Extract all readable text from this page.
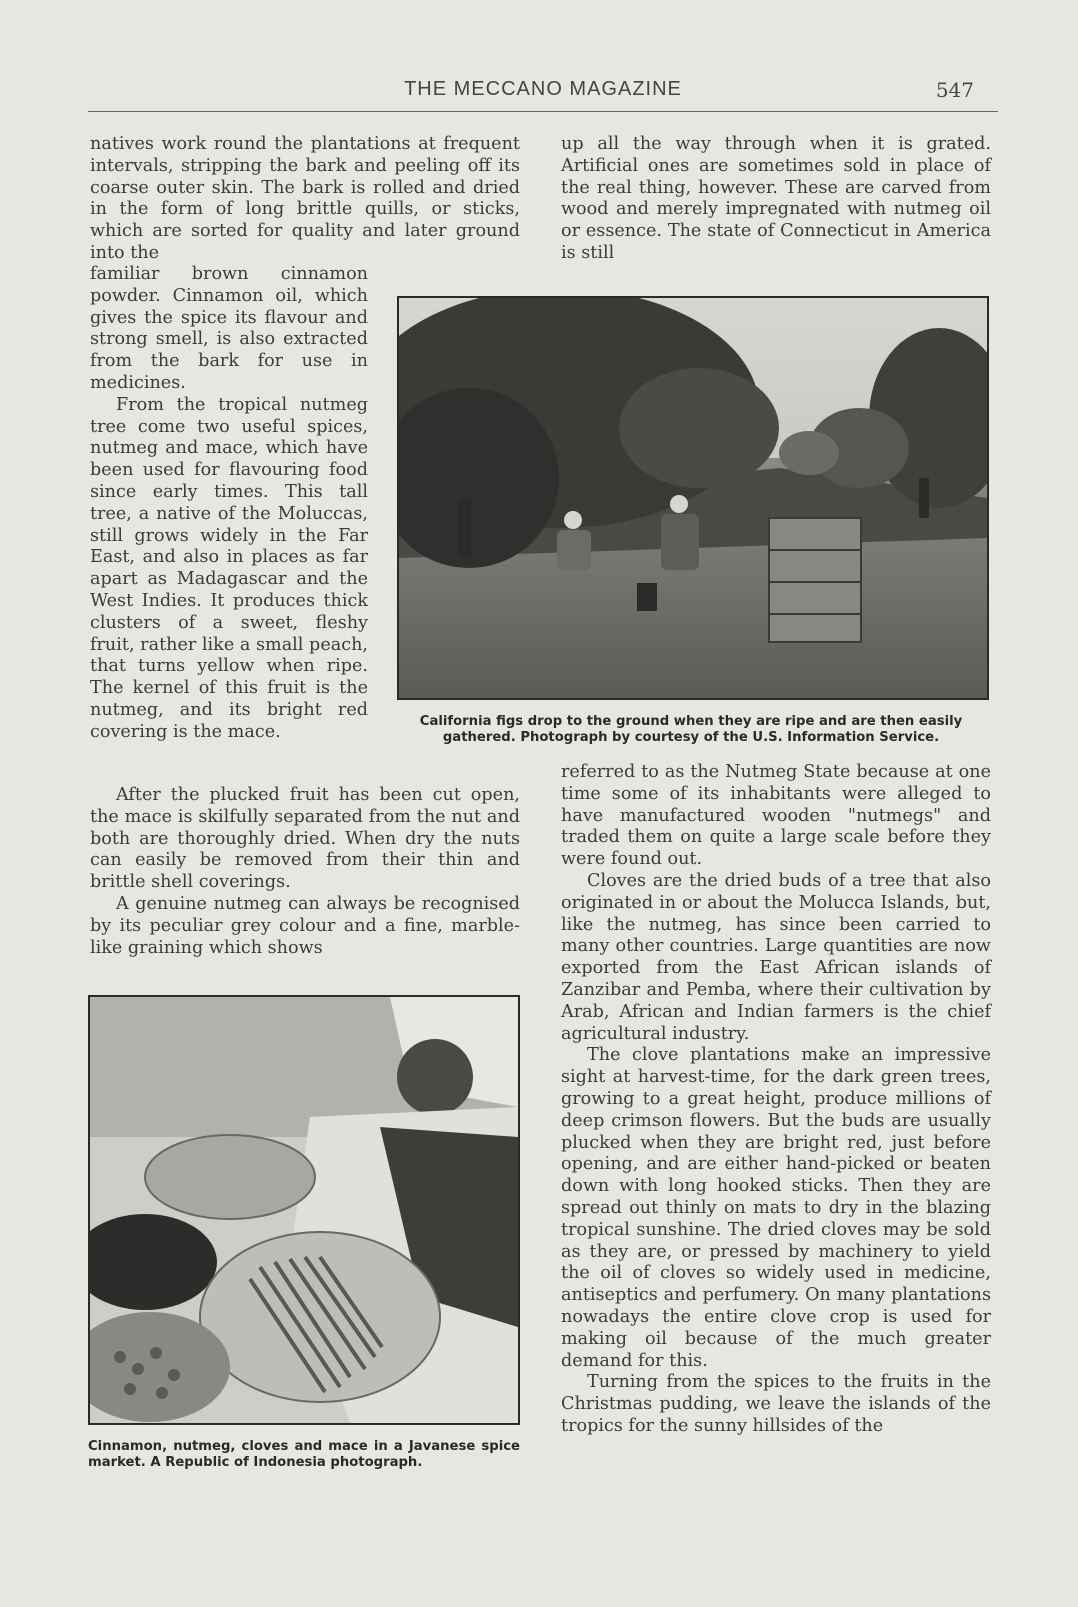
THE MECCANO MAGAZINE	547

natives work round the plantations at frequent intervals, stripping the bark and peeling off its coarse outer skin. The bark is rolled and dried in the form of long brittle quills, or sticks, which are sorted for quality and later ground into the

familiar brown cinnamon powder. Cinnamon oil, which gives the spice its flavour and strong smell, is also extracted from the bark for use in medicines.

From the tropical nutmeg tree come two useful spices, nutmeg and mace, which have been used for flavouring food since early times. This tall tree, a native of the Moluccas, still grows widely in the Far East, and also in places as far apart as Madagascar and the West Indies. It produces thick clusters of a sweet, fleshy fruit, rather like a small peach, that turns yellow when ripe. The kernel of this fruit is the nutmeg, and its bright red covering is the mace.

After the plucked fruit has been cut open, the mace is skilfully separated from the nut and both are thoroughly dried. When dry the nuts can easily be removed from their thin and brittle shell coverings.

A genuine nutmeg can always be recognised by its peculiar grey colour and a fine, marble-like graining which shows

up all the way through when it is grated. Artificial ones are sometimes sold in place of the real thing, however. These are carved from wood and merely impregnated with nutmeg oil or essence. The state of Connecticut in America is still

California figs drop to the ground when they are ripe and are then easily gathered. Photograph by courtesy of the U.S. Information Service.

referred to as the Nutmeg State because at one time some of its inhabitants were alleged to have manufactured wooden "nutmegs" and traded them on quite a large scale before they were found out.

Cloves are the dried buds of a tree that also originated in or about the Molucca Islands, but, like the nutmeg, has since been carried to many other countries. Large quantities are now exported from the East African islands of Zanzibar and Pemba, where their cultivation by Arab, African and Indian farmers is the chief agricultural industry.

The clove plantations make an impressive sight at harvest-time, for the dark green trees, growing to a great height, produce millions of deep crimson flowers. But the buds are usually plucked when they are bright red, just before opening, and are either hand-picked or beaten down with long hooked sticks. Then they are spread out thinly on mats to dry in the blazing tropical sunshine. The dried cloves may be sold as they are, or pressed by machinery to yield the oil of cloves so widely used in medicine, antiseptics and perfumery. On many plantations nowadays the entire clove crop is used for making oil because of the much greater demand for this.

Turning from the spices to the fruits in the Christmas pudding, we leave the islands of the tropics for the sunny hillsides of the

Cinnamon, nutmeg, cloves and mace in a Javanese spice market. A Republic of Indonesia photograph.
